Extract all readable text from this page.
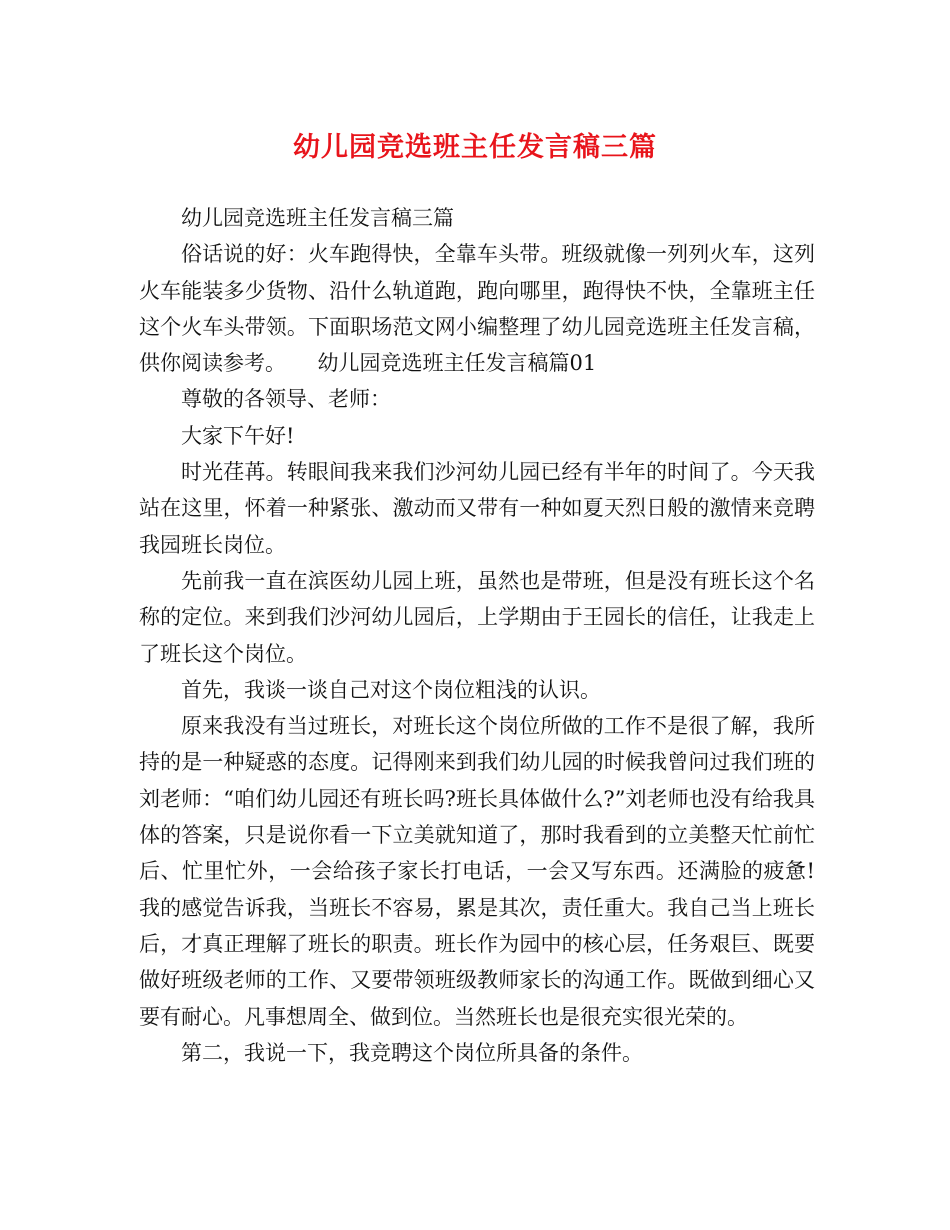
幼儿园竞选班主任发言稿三篇

幼儿园竞选班主任发言稿三篇

俗话说的好：火车跑得快，全靠车头带。班级就像一列列火车，这列火车能装多少货物、沿什么轨道跑，跑向哪里，跑得快不快，全靠班主任这个火车头带领。下面职场范文网小编整理了幼儿园竞选班主任发言稿，供你阅读参考。　　幼儿园竞选班主任发言稿篇01

尊敬的各领导、老师：

大家下午好!

时光荏苒。转眼间我来我们沙河幼儿园已经有半年的时间了。今天我站在这里，怀着一种紧张、激动而又带有一种如夏天烈日般的激情来竞聘我园班长岗位。

先前我一直在滨医幼儿园上班，虽然也是带班，但是没有班长这个名称的定位。来到我们沙河幼儿园后，上学期由于王园长的信任，让我走上了班长这个岗位。

首先，我谈一谈自己对这个岗位粗浅的认识。

原来我没有当过班长，对班长这个岗位所做的工作不是很了解，我所持的是一种疑惑的态度。记得刚来到我们幼儿园的时候我曾问过我们班的刘老师：“咱们幼儿园还有班长吗?班长具体做什么?”刘老师也没有给我具体的答案，只是说你看一下立美就知道了，那时我看到的立美整天忙前忙后、忙里忙外，一会给孩子家长打电话，一会又写东西。还满脸的疲惫!我的感觉告诉我，当班长不容易，累是其次，责任重大。我自己当上班长后，才真正理解了班长的职责。班长作为园中的核心层，任务艰巨、既要做好班级老师的工作、又要带领班级教师家长的沟通工作。既做到细心又要有耐心。凡事想周全、做到位。当然班长也是很充实很光荣的。

第二，我说一下，我竞聘这个岗位所具备的条件。
